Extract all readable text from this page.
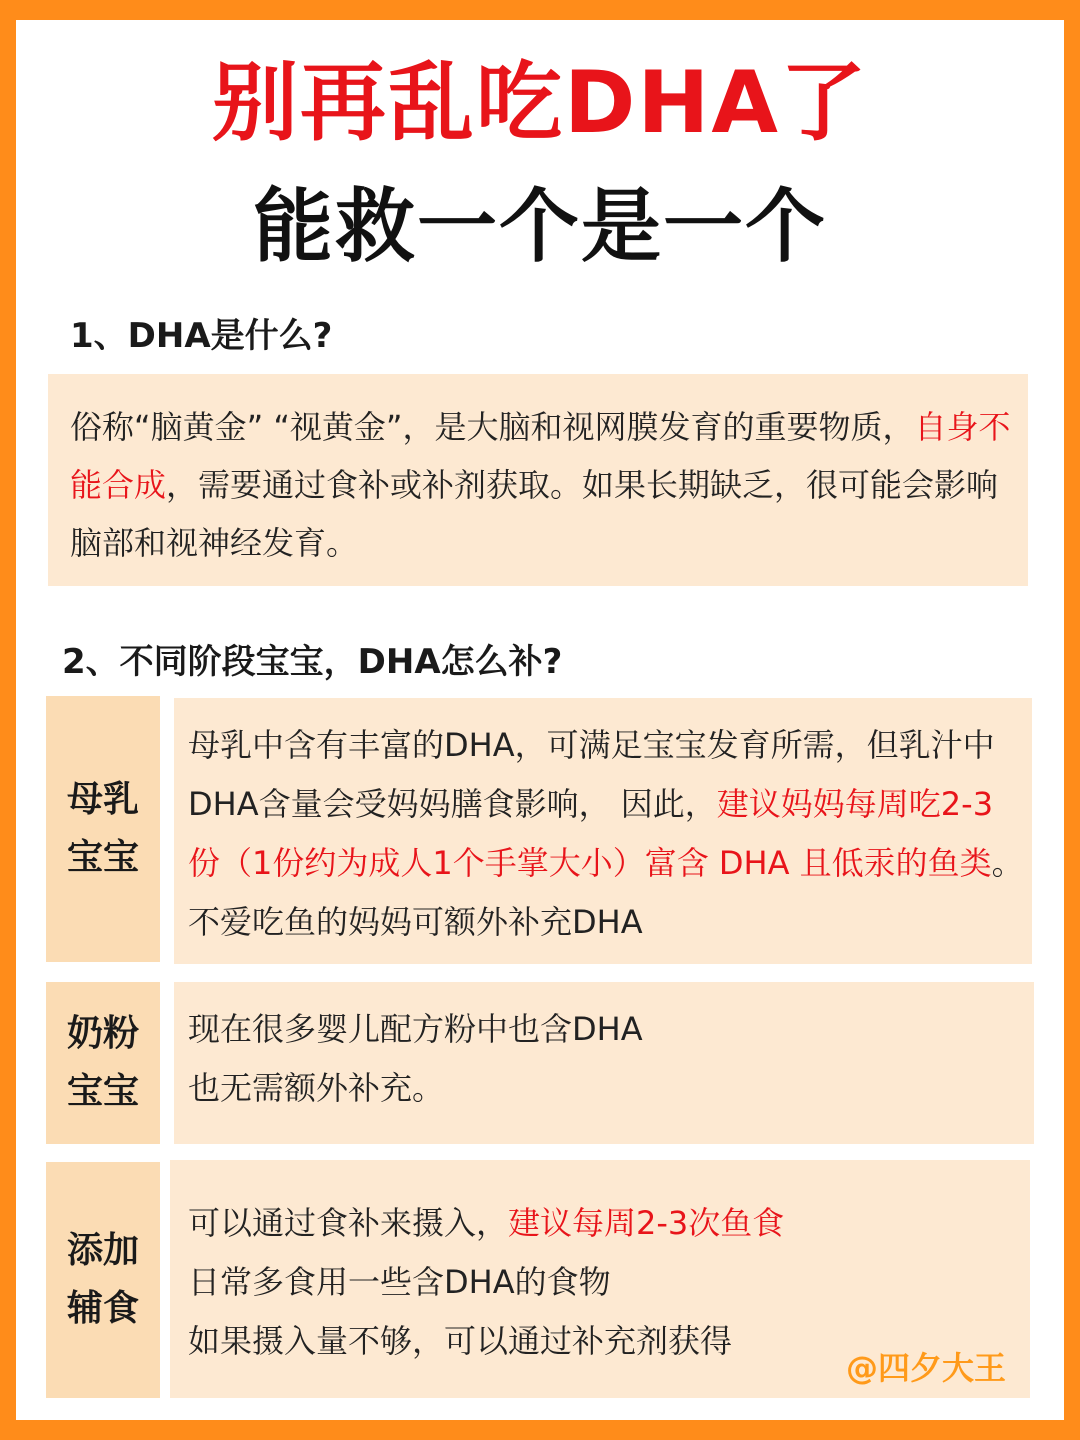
别再乱吃DHA了
能救一个是一个
1、DHA是什么?
俗称“脑黄金” “视黄金”，是大脑和视网膜发育的重要物质，自身不能合成，需要通过食补或补剂获取。如果长期缺乏，很可能会影响脑部和视神经发育。
2、不同阶段宝宝，DHA怎么补?
母乳宝宝
母乳中含有丰富的DHA，可满足宝宝发育所需，但乳汁中
DHA含量会受妈妈膳食影响， 因此，建议妈妈每周吃2-3
份（1份约为成人1个手掌大小）富含 DHA 且低汞的鱼类。
不爱吃鱼的妈妈可额外补充DHA
奶粉宝宝
现在很多婴儿配方粉中也含DHA
也无需额外补充。
添加辅食
可以通过食补来摄入，建议每周2-3次鱼食
日常多食用一些含DHA的食物
如果摄入量不够，可以通过补充剂获得
@四夕大王
